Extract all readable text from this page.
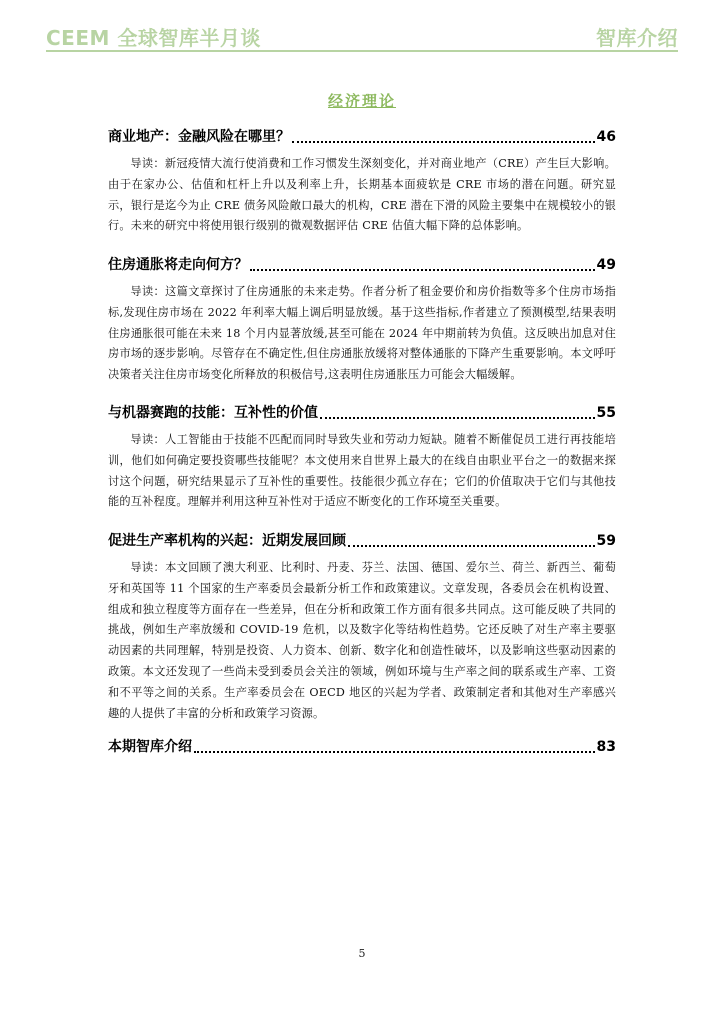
CEEM 全球智库半月谈	智库介绍
经济理论
商业地产：金融风险在哪里？	46
导读：新冠疫情大流行使消费和工作习惯发生深刻变化，并对商业地产（CRE）产生巨大影响。由于在家办公、估值和杠杆上升以及利率上升，长期基本面疲软是 CRE 市场的潜在问题。研究显示，银行是迄今为止 CRE 债务风险敞口最大的机构，CRE 潜在下滑的风险主要集中在规模较小的银行。未来的研究中将使用银行级别的微观数据评估 CRE 估值大幅下降的总体影响。
住房通胀将走向何方？	49
导读：这篇文章探讨了住房通胀的未来走势。作者分析了租金要价和房价指数等多个住房市场指标,发现住房市场在 2022 年利率大幅上调后明显放缓。基于这些指标,作者建立了预测模型,结果表明住房通胀很可能在未来 18 个月内显著放缓,甚至可能在 2024 年中期前转为负值。这反映出加息对住房市场的逐步影响。尽管存在不确定性,但住房通胀放缓将对整体通胀的下降产生重要影响。本文呼吁决策者关注住房市场变化所释放的积极信号,这表明住房通胀压力可能会大幅缓解。
与机器赛跑的技能：互补性的价值	55
导读：人工智能由于技能不匹配而同时导致失业和劳动力短缺。随着不断催促员工进行再技能培训，他们如何确定要投资哪些技能呢？本文使用来自世界上最大的在线自由职业平台之一的数据来探讨这个问题，研究结果显示了互补性的重要性。技能很少孤立存在；它们的价值取决于它们与其他技能的互补程度。理解并利用这种互补性对于适应不断变化的工作环境至关重要。
促进生产率机构的兴起：近期发展回顾	59
导读：本文回顾了澳大利亚、比利时、丹麦、芬兰、法国、德国、爱尔兰、荷兰、新西兰、葡萄牙和英国等 11 个国家的生产率委员会最新分析工作和政策建议。文章发现，各委员会在机构设置、组成和独立程度等方面存在一些差异，但在分析和政策工作方面有很多共同点。这可能反映了共同的挑战，例如生产率放缓和 COVID-19 危机，以及数字化等结构性趋势。它还反映了对生产率主要驱动因素的共同理解，特别是投资、人力资本、创新、数字化和创造性破坏，以及影响这些驱动因素的政策。本文还发现了一些尚未受到委员会关注的领域，例如环境与生产率之间的联系或生产率、工资和不平等之间的关系。生产率委员会在 OECD 地区的兴起为学者、政策制定者和其他对生产率感兴趣的人提供了丰富的分析和政策学习资源。
本期智库介绍	83
5
